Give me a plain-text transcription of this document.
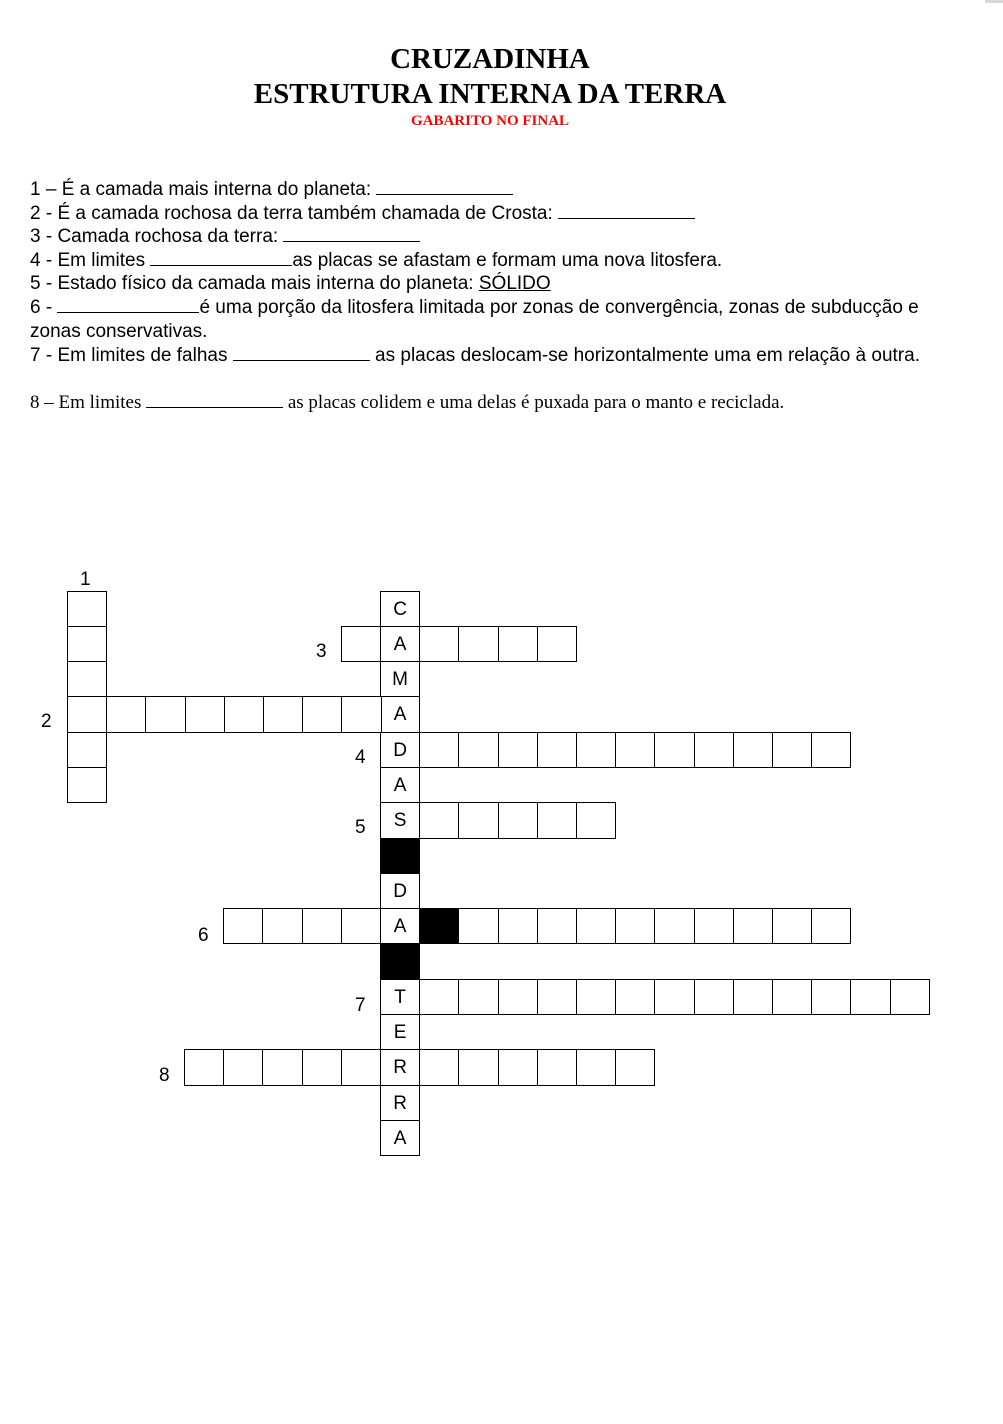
CRUZADINHA
ESTRUTURA INTERNA DA TERRA
GABARITO NO FINAL

1 – É a camada mais interna do planeta:

2 - É a camada rochosa da terra também chamada de Crosta:

3 - Camada rochosa da terra:

4 - Em limites	as placas se afastam e formam uma nova litosfera.

5 - Estado físico da camada mais interna do planeta: SÓLIDO

6 -	é uma porção da litosfera limitada por zonas de convergência, zonas de subducção e zonas conservativas.

7 - Em limites de falhas	as placas deslocam-se horizontalmente uma em relação à outra.

8 – Em limites	as placas colidem e uma delas é puxada para o manto e reciclada.

C
A
M
A
D
A
S
D
A
T
E
R
R
A
1
2
3
4
5
6
7
8
